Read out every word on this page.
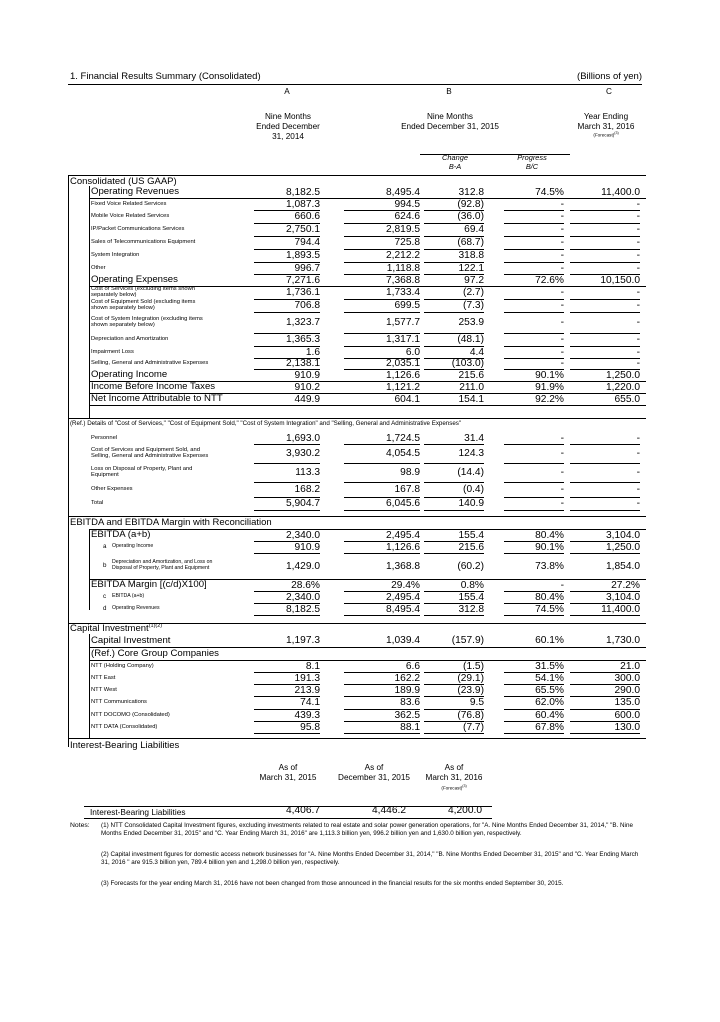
1. Financial Results Summary (Consolidated)	(Billions of yen)
A	B	C
Nine Months
Ended December
31, 2014
Nine Months
Ended December 31, 2015
Year Ending
March 31, 2016
(Forecast)$^{(3)}$
Change
B-A
Progress
B/C
Consolidated (US GAAP)
(Ref.) Details of "Cost of Services," "Cost of Equipment Sold," "Cost of System Integration" and "Selling, General and Administrative Expenses"
EBITDA and EBITDA Margin with Reconciliation
Capital Investment$^{(1)(2)}$
Interest-Bearing Liabilities
Operating Revenues	8,182.5	8,495.4	312.8	74.5%	11,400.0
Fixed Voice Related Services	1,087.3	994.5	(92.8)	-	-
Mobile Voice Related Services	660.6	624.6	(36.0)	-	-
IP/Packet Communications Services	2,750.1	2,819.5	69.4	-	-
Sales of Telecommunications Equipment	794.4	725.8	(68.7)	-	-
System Integration	1,893.5	2,212.2	318.8	-	-
Other	996.7	1,118.8	122.1	-	-
Operating Expenses	7,271.6	7,368.8	97.2	72.6%	10,150.0
Cost of Services (excluding items shown
separately below)	1,736.1	1,733.4	(2.7)	-	-
Cost of Equipment Sold (excluding items
shown separately below)	706.8	699.5	(7.3)	-	-
Cost of System Integration (excluding items
shown separately below)	1,323.7	1,577.7	253.9	-	-
Depreciation and Amortization	1,365.3	1,317.1	(48.1)	-	-
Impairment Loss	1.6	6.0	4.4	-	-
Selling, General and Administrative Expenses	2,138.1	2,035.1	(103.0)	-	-
Operating Income	910.9	1,126.6	215.6	90.1%	1,250.0
Income Before Income Taxes	910.2	1,121.2	211.0	91.9%	1,220.0
Net Income Attributable to NTT	449.9	604.1	154.1	92.2%	655.0
Personnel	1,693.0	1,724.5	31.4	-	-
Cost of Services and Equipment Sold, and
Selling, General and Administrative Expenses	3,930.2	4,054.5	124.3	-	-
Loss on Disposal of Property, Plant and
Equipment	113.3	98.9	(14.4)	-	-
Other Expenses	168.2	167.8	(0.4)	-	-
Total	5,904.7	6,045.6	140.9	-	-
EBITDA (a+b)	2,340.0	2,495.4	155.4	80.4%	3,104.0
Operating Income
a	910.9	1,126.6	215.6	90.1%	1,250.0
Depreciation and Amortization, and Loss on
Disposal of Property, Plant and Equipment
b	1,429.0	1,368.8	(60.2)	73.8%	1,854.0
EBITDA Margin [(c/d)X100]	28.6%	29.4%	0.8%	-	27.2%
EBITDA (a+b)
c	2,340.0	2,495.4	155.4	80.4%	3,104.0
Operating Revenues
d	8,182.5	8,495.4	312.8	74.5%	11,400.0
Capital Investment	1,197.3	1,039.4	(157.9)	60.1%	1,730.0
(Ref.) Core Group Companies
NTT (Holding Company)	8.1	6.6	(1.5)	31.5%	21.0
NTT East	191.3	162.2	(29.1)	54.1%	300.0
NTT West	213.9	189.9	(23.9)	65.5%	290.0
NTT Communications	74.1	83.6	9.5	62.0%	135.0
NTT DOCOMO (Consolidated)	439.3	362.5	(76.8)	60.4%	600.0
NTT DATA (Consolidated)	95.8	88.1	(7.7)	67.8%	130.0
As of
March 31, 2015
As of
December 31, 2015
As of
March 31, 2016
(Forecast)$^{(3)}$
Interest-Bearing Liabilities	4,406.7	4,446.2	4,200.0
Notes: (1) NTT Consolidated Capital Investment figures, excluding investments related to real estate and solar power generation operations, for "A. Nine Months Ended December 31, 2014," "B. Nine Months Ended December 31, 2015" and "C. Year Ending March 31, 2016" are 1,113.3 billion yen, 996.2 billion yen and 1,630.0 billion yen, respectively.
(2) Capital investment figures for domestic access network businesses for "A. Nine Months Ended December 31, 2014," "B. Nine Months Ended December 31, 2015" and "C. Year Ending March 31, 2016 " are 915.3 billion yen, 789.4 billion yen and 1,298.0 billion yen, respectively.
(3) Forecasts for the year ending March 31, 2016 have not been changed from those announced in the financial results for the six months ended September 30, 2015.
